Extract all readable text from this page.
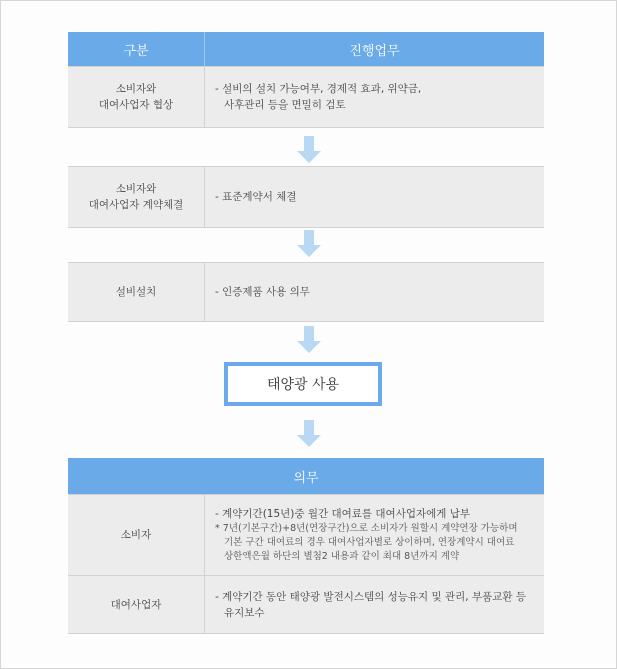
구분	진행업무
소비자와
대여사업자 협상
- 설비의 설치 가능여부, 경제적 효과, 위약금,
사후관리 등을 면밀히 검토
소비자와
대여사업자 계약체결
- 표준계약서 체결
설비설치	- 인증제품 사용 의무
태양광 사용
의무
소비자
- 계약기간(15년)중 월간 대여료를 대여사업자에게 납부
* 7년(기본구간)+8년(연장구간)으로 소비자가 원할시 계약연장 가능하며
기본 구간 대여료의 경우 대여사업자별로 상이하며, 연장계약시 대여료
상한액은월 하단의 별첨2 내용과 같이 최대 8년까지 계약
대여사업자
- 계약기간 동안 태양광 발전시스템의 성능유지 및 관리, 부품교환 등
유지보수
